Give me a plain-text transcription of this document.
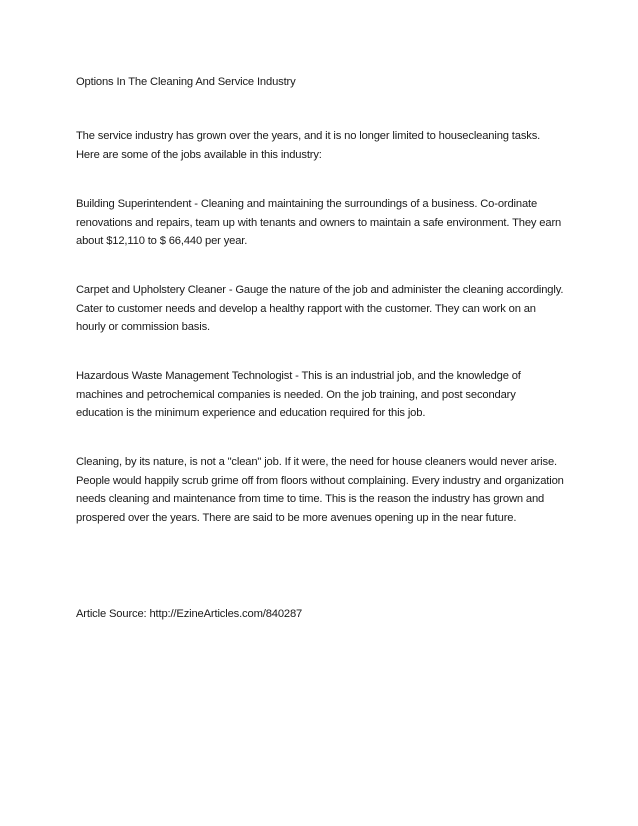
Options In The Cleaning And Service Industry

The service industry has grown over the years, and it is no longer limited to housecleaning tasks. Here are some of the jobs available in this industry:

Building Superintendent - Cleaning and maintaining the surroundings of a business. Co-ordinate renovations and repairs, team up with tenants and owners to maintain a safe environment. They earn about $12,110 to $ 66,440 per year.

Carpet and Upholstery Cleaner - Gauge the nature of the job and administer the cleaning accordingly. Cater to customer needs and develop a healthy rapport with the customer. They can work on an hourly or commission basis.

Hazardous Waste Management Technologist - This is an industrial job, and the knowledge of machines and petrochemical companies is needed. On the job training, and post secondary education is the minimum experience and education required for this job.

Cleaning, by its nature, is not a "clean" job. If it were, the need for house cleaners would never arise. People would happily scrub grime off from floors without complaining. Every industry and organization needs cleaning and maintenance from time to time. This is the reason the industry has grown and prospered over the years. There are said to be more avenues opening up in the near future.

Article Source: http://EzineArticles.com/840287
